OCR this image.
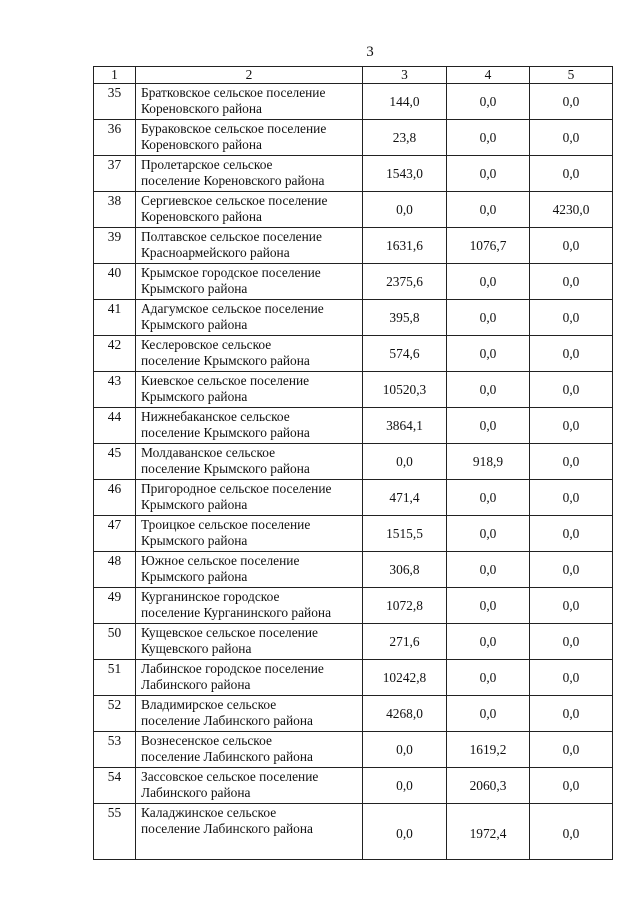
3
1	2	3	4	5
35	Братковское сельское поселение
Кореновского района	144,0	0,0	0,0
36	Бураковское сельское поселение
Кореновского района	23,8	0,0	0,0
37	Пролетарское сельское
поселение Кореновского района	1543,0	0,0	0,0
38	Сергиевское сельское поселение
Кореновского района	0,0	0,0	4230,0
39	Полтавское сельское поселение
Красноармейского района	1631,6	1076,7	0,0
40	Крымское городское поселение
Крымского района	2375,6	0,0	0,0
41	Адагумское сельское поселение
Крымского района	395,8	0,0	0,0
42	Кеслеровское сельское
поселение Крымского района	574,6	0,0	0,0
43	Киевское сельское поселение
Крымского района	10520,3	0,0	0,0
44	Нижнебаканское сельское
поселение Крымского района	3864,1	0,0	0,0
45	Молдаванское сельское
поселение Крымского района	0,0	918,9	0,0
46	Пригородное сельское поселение
Крымского района	471,4	0,0	0,0
47	Троицкое сельское поселение
Крымского района	1515,5	0,0	0,0
48	Южное сельское поселение
Крымского района	306,8	0,0	0,0
49	Курганинское городское
поселение Курганинского района	1072,8	0,0	0,0
50	Кущевское сельское поселение
Кущевского района	271,6	0,0	0,0
51	Лабинское городское поселение
Лабинского района	10242,8	0,0	0,0
52	Владимирское сельское
поселение Лабинского района	4268,0	0,0	0,0
53	Вознесенское сельское
поселение Лабинского района	0,0	1619,2	0,0
54	Зассовское сельское поселение
Лабинского района	0,0	2060,3	0,0
55	Каладжинское сельское
поселение Лабинского района	0,0	1972,4	0,0
